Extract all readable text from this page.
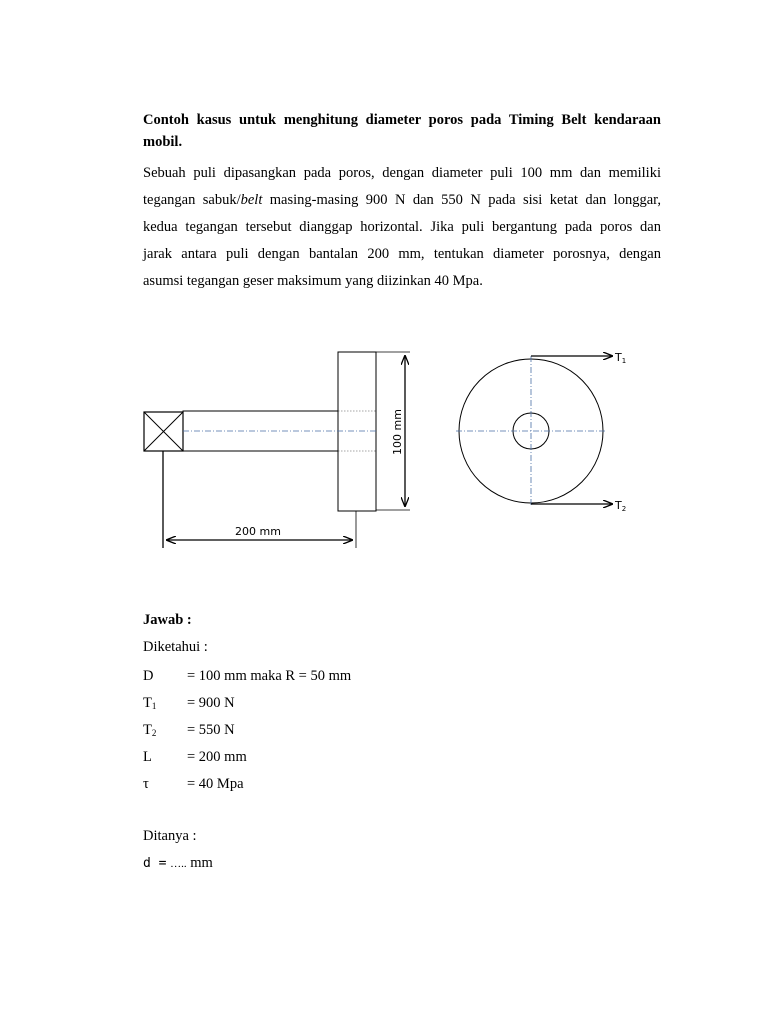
Contoh kasus untuk menghitung diameter poros pada Timing Belt kendaraan mobil.
Sebuah puli dipasangkan pada poros, dengan diameter puli 100 mm dan memiliki
tegangan sabuk/belt masing-masing 900 N dan 550 N pada sisi ketat dan longgar,
kedua tegangan tersebut dianggap horizontal. Jika puli bergantung pada poros dan
jarak antara puli dengan bantalan 200 mm, tentukan diameter porosnya, dengan
asumsi tegangan geser maksimum yang diizinkan 40 Mpa.
100 mm
200 mm
T1
T2
Jawab :
Diketahui :
D = 100 mm maka R = 50 mm
$T_1 = 900$ N
$T_2 = 550$ N
L = 200 mm
τ	= 40 Mpa
Ditanya :
d = ….. mm
